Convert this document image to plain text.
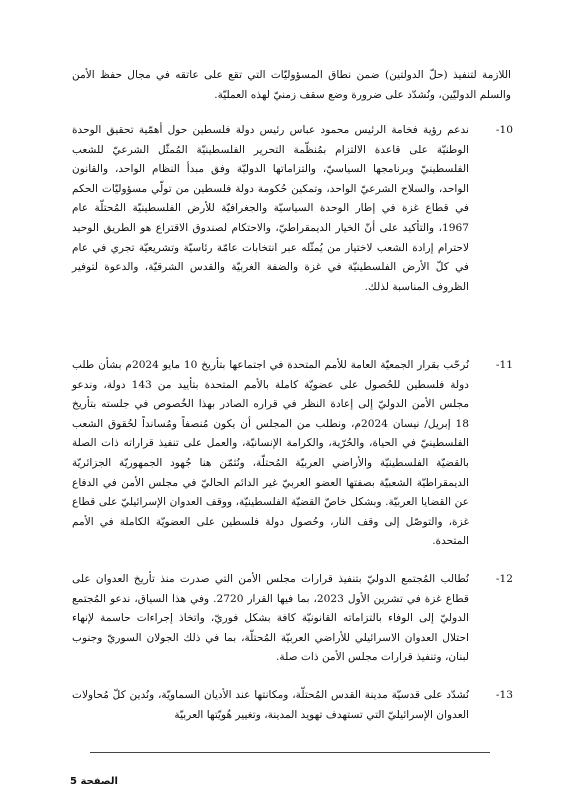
اللازمة لتنفيذ (حلّ الدولتين) ضمن نطاق المسؤوليّات التي تقع على عاتقه في مجال حفظ الأمن والسلم الدوليّين، ونُشدّد على ضرورة وضع سقف زمنيّ لهذه العمليّة.

10-

ندعم رؤية فخامة الرئيس محمود عباس رئيس دولة فلسطين حول أهمّية تحقيق الوحدة الوطنيّة على قاعدة الالتزام بمُنظّمة التحرير الفلسطينيّة المُمثّل الشرعيّ للشعب الفلسطينيّ وبرنامجها السياسيّ، والتزاماتها الدوليّة وفق مبدأ النظام الواحد، والقانون الواحد، والسلاح الشرعيّ الواحد، وتمكين حُكومة دولة فلسطين من تولّي مسؤوليّات الحكم في قطاع غزة في إطار الوحدة السياسيّة والجغرافيّة للأرض الفلسطينيّة المُحتلّة عام 1967، والتأكيد على أنّ الخيار الديمقراطيّ، والاحتكام لصندوق الاقتراع هو الطريق الوحيد لاحترام إرادة الشعب لاختيار من يُمثّله عبر انتخابات عامّة رئاسيّة وتشريعيّة تجري في عام في كلّ الأرض الفلسطينيّة في غزة والضفة الغربيّة والقدس الشرقيّة، والدعوة لتوفير الظروف المناسبة لذلك.

11-

نُرحّب بقرار الجمعيّة العامة للأمم المتحدة في اجتماعها بتأريخ 10 مايو 2024م بشأن طلب دولة فلسطين للحُصول على عضويّة كاملة بالأمم المتحدة بتأييد من 143 دولة، وندعو مجلس الأمن الدوليّ إلى إعادة النظر في قراره الصادر بهذا الخُصوص في جلسته بتأريخ 18 إبريل/ نيسان 2024م، ونطلب من المجلس أن يكون مُنصفاً ومُسانداً لحُقوق الشعب الفلسطينيّ في الحياة، والحُرّية، والكرامة الإنسانيّة، والعمل على تنفيذ قراراته ذات الصلة بالقضيّة الفلسطينيّة والأراضي العربيّة المُحتلّة، ونُثمّن هنا جُهود الجمهوريّة الجزائريّة الديمقراطيّة الشعبيّة بصفتها العضو العربيّ غير الدائم الحاليّ في مجلس الأمن في الدفاع عن القضايا العربيّة. وبشكل خاصّ القضيّة الفلسطينيّة، ووقف العدوان الإسرائيليّ على قطاع غزة، والتوصّل إلى وقف النار، وحُصول دولة فلسطين على العضويّة الكاملة في الأمم المتحدة.

12-

نُطالب المُجتمع الدوليّ بتنفيذ قرارات مجلس الأمن التي صدرت منذ تأريخ العدوان على قطاع غزة في تشرين الأول 2023، بما فيها القرار 2720. وفي هذا السياق، ندعو المُجتمع الدوليّ إلى الوفاء بالتزاماته القانونيّة كافة بشكل فوريّ، واتخاذ إجراءات حاسمة لإنهاء احتلال العدوان الاسرائيلي للأراضي العربيّة المُحتلّة، بما في ذلك الجولان السوريّ وجنوب لبنان، وتنفيذ قرارات مجلس الأمن ذات صلة.

13-

نُشدّد على قدسيّة مدينة القدس المُحتلّة، ومكانتها عند الأديان السماويّة، ونُدين كلّ مُحاولات العدوان الإسرائيليّ التي تستهدف تهويد المدينة، وتغيير هُويّتها العربيّة

الصفحة 5
